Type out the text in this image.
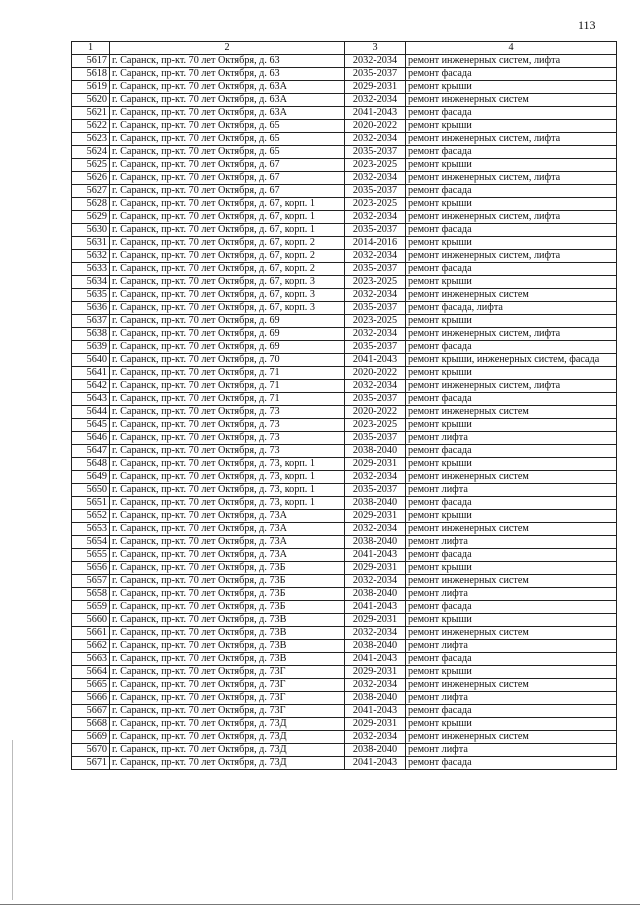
113
1	2	3	4
5617	г. Саранск, пр-кт. 70 лет Октября, д. 63	2032-2034	ремонт инженерных систем, лифта
5618	г. Саранск, пр-кт. 70 лет Октября, д. 63	2035-2037	ремонт фасада
5619	г. Саранск, пр-кт. 70 лет Октября, д. 63А	2029-2031	ремонт крыши
5620	г. Саранск, пр-кт. 70 лет Октября, д. 63А	2032-2034	ремонт инженерных систем
5621	г. Саранск, пр-кт. 70 лет Октября, д. 63А	2041-2043	ремонт фасада
5622	г. Саранск, пр-кт. 70 лет Октября, д. 65	2020-2022	ремонт крыши
5623	г. Саранск, пр-кт. 70 лет Октября, д. 65	2032-2034	ремонт инженерных систем, лифта
5624	г. Саранск, пр-кт. 70 лет Октября, д. 65	2035-2037	ремонт фасада
5625	г. Саранск, пр-кт. 70 лет Октября, д. 67	2023-2025	ремонт крыши
5626	г. Саранск, пр-кт. 70 лет Октября, д. 67	2032-2034	ремонт инженерных систем, лифта
5627	г. Саранск, пр-кт. 70 лет Октября, д. 67	2035-2037	ремонт фасада
5628	г. Саранск, пр-кт. 70 лет Октября, д. 67, корп. 1	2023-2025	ремонт крыши
5629	г. Саранск, пр-кт. 70 лет Октября, д. 67, корп. 1	2032-2034	ремонт инженерных систем, лифта
5630	г. Саранск, пр-кт. 70 лет Октября, д. 67, корп. 1	2035-2037	ремонт фасада
5631	г. Саранск, пр-кт. 70 лет Октября, д. 67, корп. 2	2014-2016	ремонт крыши
5632	г. Саранск, пр-кт. 70 лет Октября, д. 67, корп. 2	2032-2034	ремонт инженерных систем, лифта
5633	г. Саранск, пр-кт. 70 лет Октября, д. 67, корп. 2	2035-2037	ремонт фасада
5634	г. Саранск, пр-кт. 70 лет Октября, д. 67, корп. 3	2023-2025	ремонт крыши
5635	г. Саранск, пр-кт. 70 лет Октября, д. 67, корп. 3	2032-2034	ремонт инженерных систем
5636	г. Саранск, пр-кт. 70 лет Октября, д. 67, корп. 3	2035-2037	ремонт фасада, лифта
5637	г. Саранск, пр-кт. 70 лет Октября, д. 69	2023-2025	ремонт крыши
5638	г. Саранск, пр-кт. 70 лет Октября, д. 69	2032-2034	ремонт инженерных систем, лифта
5639	г. Саранск, пр-кт. 70 лет Октября, д. 69	2035-2037	ремонт фасада
5640	г. Саранск, пр-кт. 70 лет Октября, д. 70	2041-2043	ремонт крыши, инженерных систем, фасада
5641	г. Саранск, пр-кт. 70 лет Октября, д. 71	2020-2022	ремонт крыши
5642	г. Саранск, пр-кт. 70 лет Октября, д. 71	2032-2034	ремонт инженерных систем, лифта
5643	г. Саранск, пр-кт. 70 лет Октября, д. 71	2035-2037	ремонт фасада
5644	г. Саранск, пр-кт. 70 лет Октября, д. 73	2020-2022	ремонт инженерных систем
5645	г. Саранск, пр-кт. 70 лет Октября, д. 73	2023-2025	ремонт крыши
5646	г. Саранск, пр-кт. 70 лет Октября, д. 73	2035-2037	ремонт лифта
5647	г. Саранск, пр-кт. 70 лет Октября, д. 73	2038-2040	ремонт фасада
5648	г. Саранск, пр-кт. 70 лет Октября, д. 73, корп. 1	2029-2031	ремонт крыши
5649	г. Саранск, пр-кт. 70 лет Октября, д. 73, корп. 1	2032-2034	ремонт инженерных систем
5650	г. Саранск, пр-кт. 70 лет Октября, д. 73, корп. 1	2035-2037	ремонт лифта
5651	г. Саранск, пр-кт. 70 лет Октября, д. 73, корп. 1	2038-2040	ремонт фасада
5652	г. Саранск, пр-кт. 70 лет Октября, д. 73А	2029-2031	ремонт крыши
5653	г. Саранск, пр-кт. 70 лет Октября, д. 73А	2032-2034	ремонт инженерных систем
5654	г. Саранск, пр-кт. 70 лет Октября, д. 73А	2038-2040	ремонт лифта
5655	г. Саранск, пр-кт. 70 лет Октября, д. 73А	2041-2043	ремонт фасада
5656	г. Саранск, пр-кт. 70 лет Октября, д. 73Б	2029-2031	ремонт крыши
5657	г. Саранск, пр-кт. 70 лет Октября, д. 73Б	2032-2034	ремонт инженерных систем
5658	г. Саранск, пр-кт. 70 лет Октября, д. 73Б	2038-2040	ремонт лифта
5659	г. Саранск, пр-кт. 70 лет Октября, д. 73Б	2041-2043	ремонт фасада
5660	г. Саранск, пр-кт. 70 лет Октября, д. 73В	2029-2031	ремонт крыши
5661	г. Саранск, пр-кт. 70 лет Октября, д. 73В	2032-2034	ремонт инженерных систем
5662	г. Саранск, пр-кт. 70 лет Октября, д. 73В	2038-2040	ремонт лифта
5663	г. Саранск, пр-кт. 70 лет Октября, д. 73В	2041-2043	ремонт фасада
5664	г. Саранск, пр-кт. 70 лет Октября, д. 73Г	2029-2031	ремонт крыши
5665	г. Саранск, пр-кт. 70 лет Октября, д. 73Г	2032-2034	ремонт инженерных систем
5666	г. Саранск, пр-кт. 70 лет Октября, д. 73Г	2038-2040	ремонт лифта
5667	г. Саранск, пр-кт. 70 лет Октября, д. 73Г	2041-2043	ремонт фасада
5668	г. Саранск, пр-кт. 70 лет Октября, д. 73Д	2029-2031	ремонт крыши
5669	г. Саранск, пр-кт. 70 лет Октября, д. 73Д	2032-2034	ремонт инженерных систем
5670	г. Саранск, пр-кт. 70 лет Октября, д. 73Д	2038-2040	ремонт лифта
5671	г. Саранск, пр-кт. 70 лет Октября, д. 73Д	2041-2043	ремонт фасада
